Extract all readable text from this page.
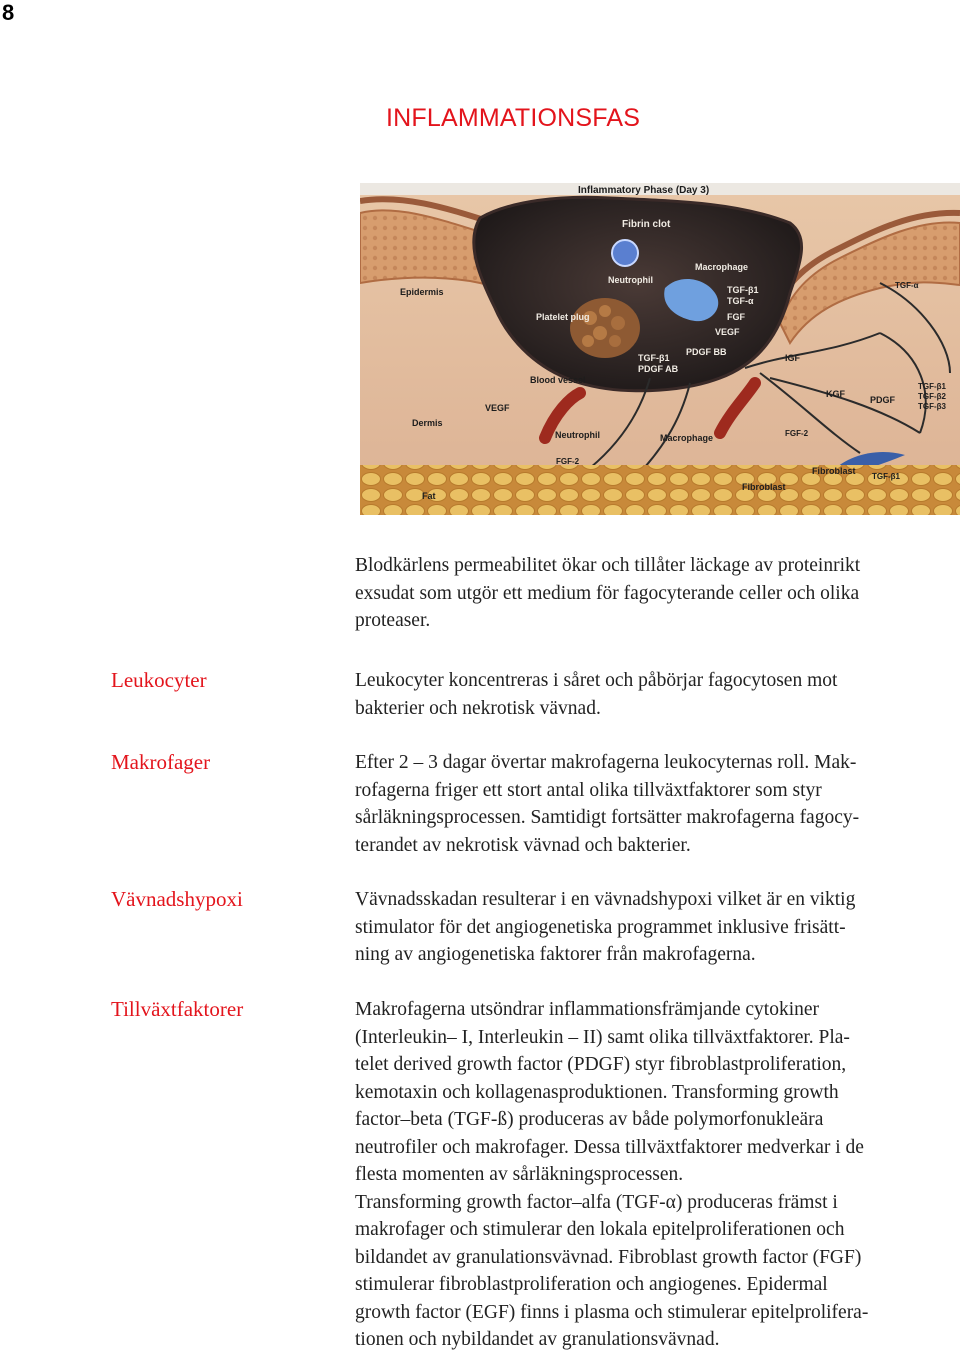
8
INFLAMMATIONSFAS
Inflammatory Phase (Day 3)
Fibrin clot
Neutrophil
Macrophage
Epidermis
Platelet plug
TGF-β1
TGF-α
FGF
VEGF
PDGF BB
TGF-β1
PDGF AB
IGF
Blood vessel
VEGF
Dermis
Neutrophil	Macrophage
KGF
PDGF
TGF-β1
TGF-β2
TGF-β3
FGF-2
FGF-2
Fibroblast
TGF-β1
Fibroblast
Fat
TGF-α
Leukocyter
Makrofager
Vävnadshypoxi
Tillväxtfaktorer
Blodkärlens permeabilitet ökar och tillåter läckage av proteinrikt
exsudat som utgör ett medium för fagocyterande celler och olika
proteaser.
Leukocyter koncentreras i såret och påbörjar fagocytosen mot
bakterier och nekrotisk vävnad.
Efter 2 – 3 dagar övertar makrofagerna leukocyternas roll. Mak-
rofagerna friger ett stort antal olika tillväxtfaktorer som styr
sårläkningsprocessen. Samtidigt fortsätter makrofagerna fagocy-
terandet av nekrotisk vävnad och bakterier.
Vävnadsskadan resulterar i en vävnadshypoxi vilket är en viktig
stimulator för det angiogenetiska programmet inklusive frisätt-
ning av angiogenetiska faktorer från makrofagerna.
Makrofagerna utsöndrar inflammationsfrämjande cytokiner
(Interleukin– I, Interleukin – II) samt olika tillväxtfaktorer. Pla-
telet derived growth factor (PDGF) styr fibroblastproliferation,
kemotaxin och kollagenasproduktionen. Transforming growth
factor–beta (TGF-ß) produceras av både polymorfonukleära
neutrofiler och makrofager. Dessa tillväxtfaktorer medverkar i de
flesta momenten av sårläkningsprocessen.
Transforming growth factor–alfa (TGF-α) produceras främst i
makrofager och stimulerar den lokala epitelproliferationen och
bildandet av granulationsvävnad. Fibroblast growth factor (FGF)
stimulerar fibroblastproliferation och angiogenes. Epidermal
growth factor (EGF) finns i plasma och stimulerar epitelprolifera-
tionen och nybildandet av granulationsvävnad.
